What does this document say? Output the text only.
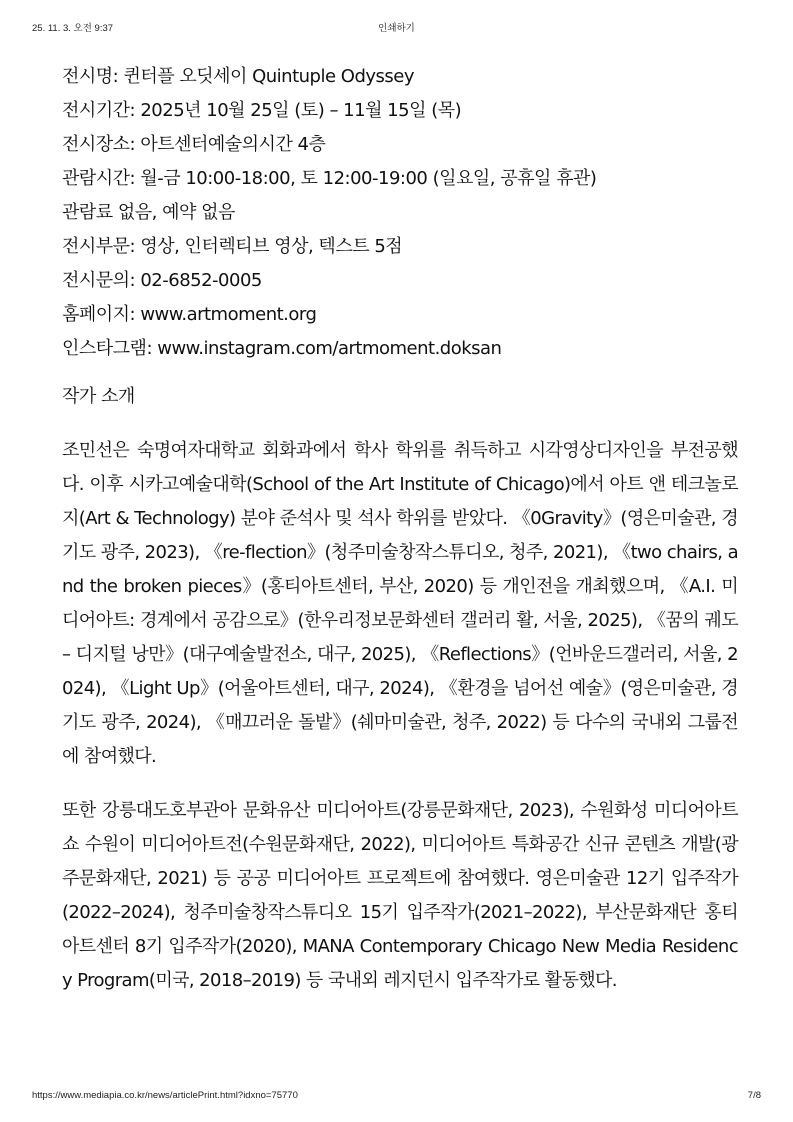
25. 11. 3. 오전 9:37	인쇄하기
전시명: 퀸터플 오딧세이 Quintuple Odyssey
전시기간: 2025년 10월 25일 (토) – 11월 15일 (목)
전시장소: 아트센터예술의시간 4층
관람시간: 월-금 10:00-18:00, 토 12:00-19:00 (일요일, 공휴일 휴관)
관람료 없음, 예약 없음
전시부문: 영상, 인터렉티브 영상, 텍스트 5점
전시문의: 02-6852-0005
홈페이지: www.artmoment.org
인스타그램: www.instagram.com/artmoment.doksan
작가 소개

조민선은 숙명여자대학교 회화과에서 학사 학위를 취득하고 시각영상디자인을 부전공했다. 이후 시카고예술대학(School of the Art Institute of Chicago)에서 아트 앤 테크놀로지(Art & Technology) 분야 준석사 및 석사 학위를 받았다. 《0Gravity》(영은미술관, 경기도 광주, 2023), 《re-flection》(청주미술창작스튜디오, 청주, 2021), 《two chairs, and the broken pieces》(홍티아트센터, 부산, 2020) 등 개인전을 개최했으며, 《A.I. 미디어아트: 경계에서 공감으로》(한우리정보문화센터 갤러리 활, 서울, 2025), 《꿈의 궤도 – 디지털 낭만》(대구예술발전소, 대구, 2025), 《Reflections》(언바운드갤러리, 서울, 2024), 《Light Up》(어울아트센터, 대구, 2024), 《환경을 넘어선 예술》(영은미술관, 경기도 광주, 2024), 《매끄러운 돌밭》(쉐마미술관, 청주, 2022) 등 다수의 국내외 그룹전에 참여했다.

또한 강릉대도호부관아 문화유산 미디어아트(강릉문화재단, 2023), 수원화성 미디어아트쇼 수원이 미디어아트전(수원문화재단, 2022), 미디어아트 특화공간 신규 콘텐츠 개발(광주문화재단, 2021) 등 공공 미디어아트 프로젝트에 참여했다. 영은미술관 12기 입주작가(2022–2024), 청주미술창작스튜디오 15기 입주작가(2021–2022), 부산문화재단 홍티아트센터 8기 입주작가(2020), MANA Contemporary Chicago New Media Residency Program(미국, 2018–2019) 등 국내외 레지던시 입주작가로 활동했다.

https://www.mediapia.co.kr/news/articlePrint.html?idxno=75770	7/8
